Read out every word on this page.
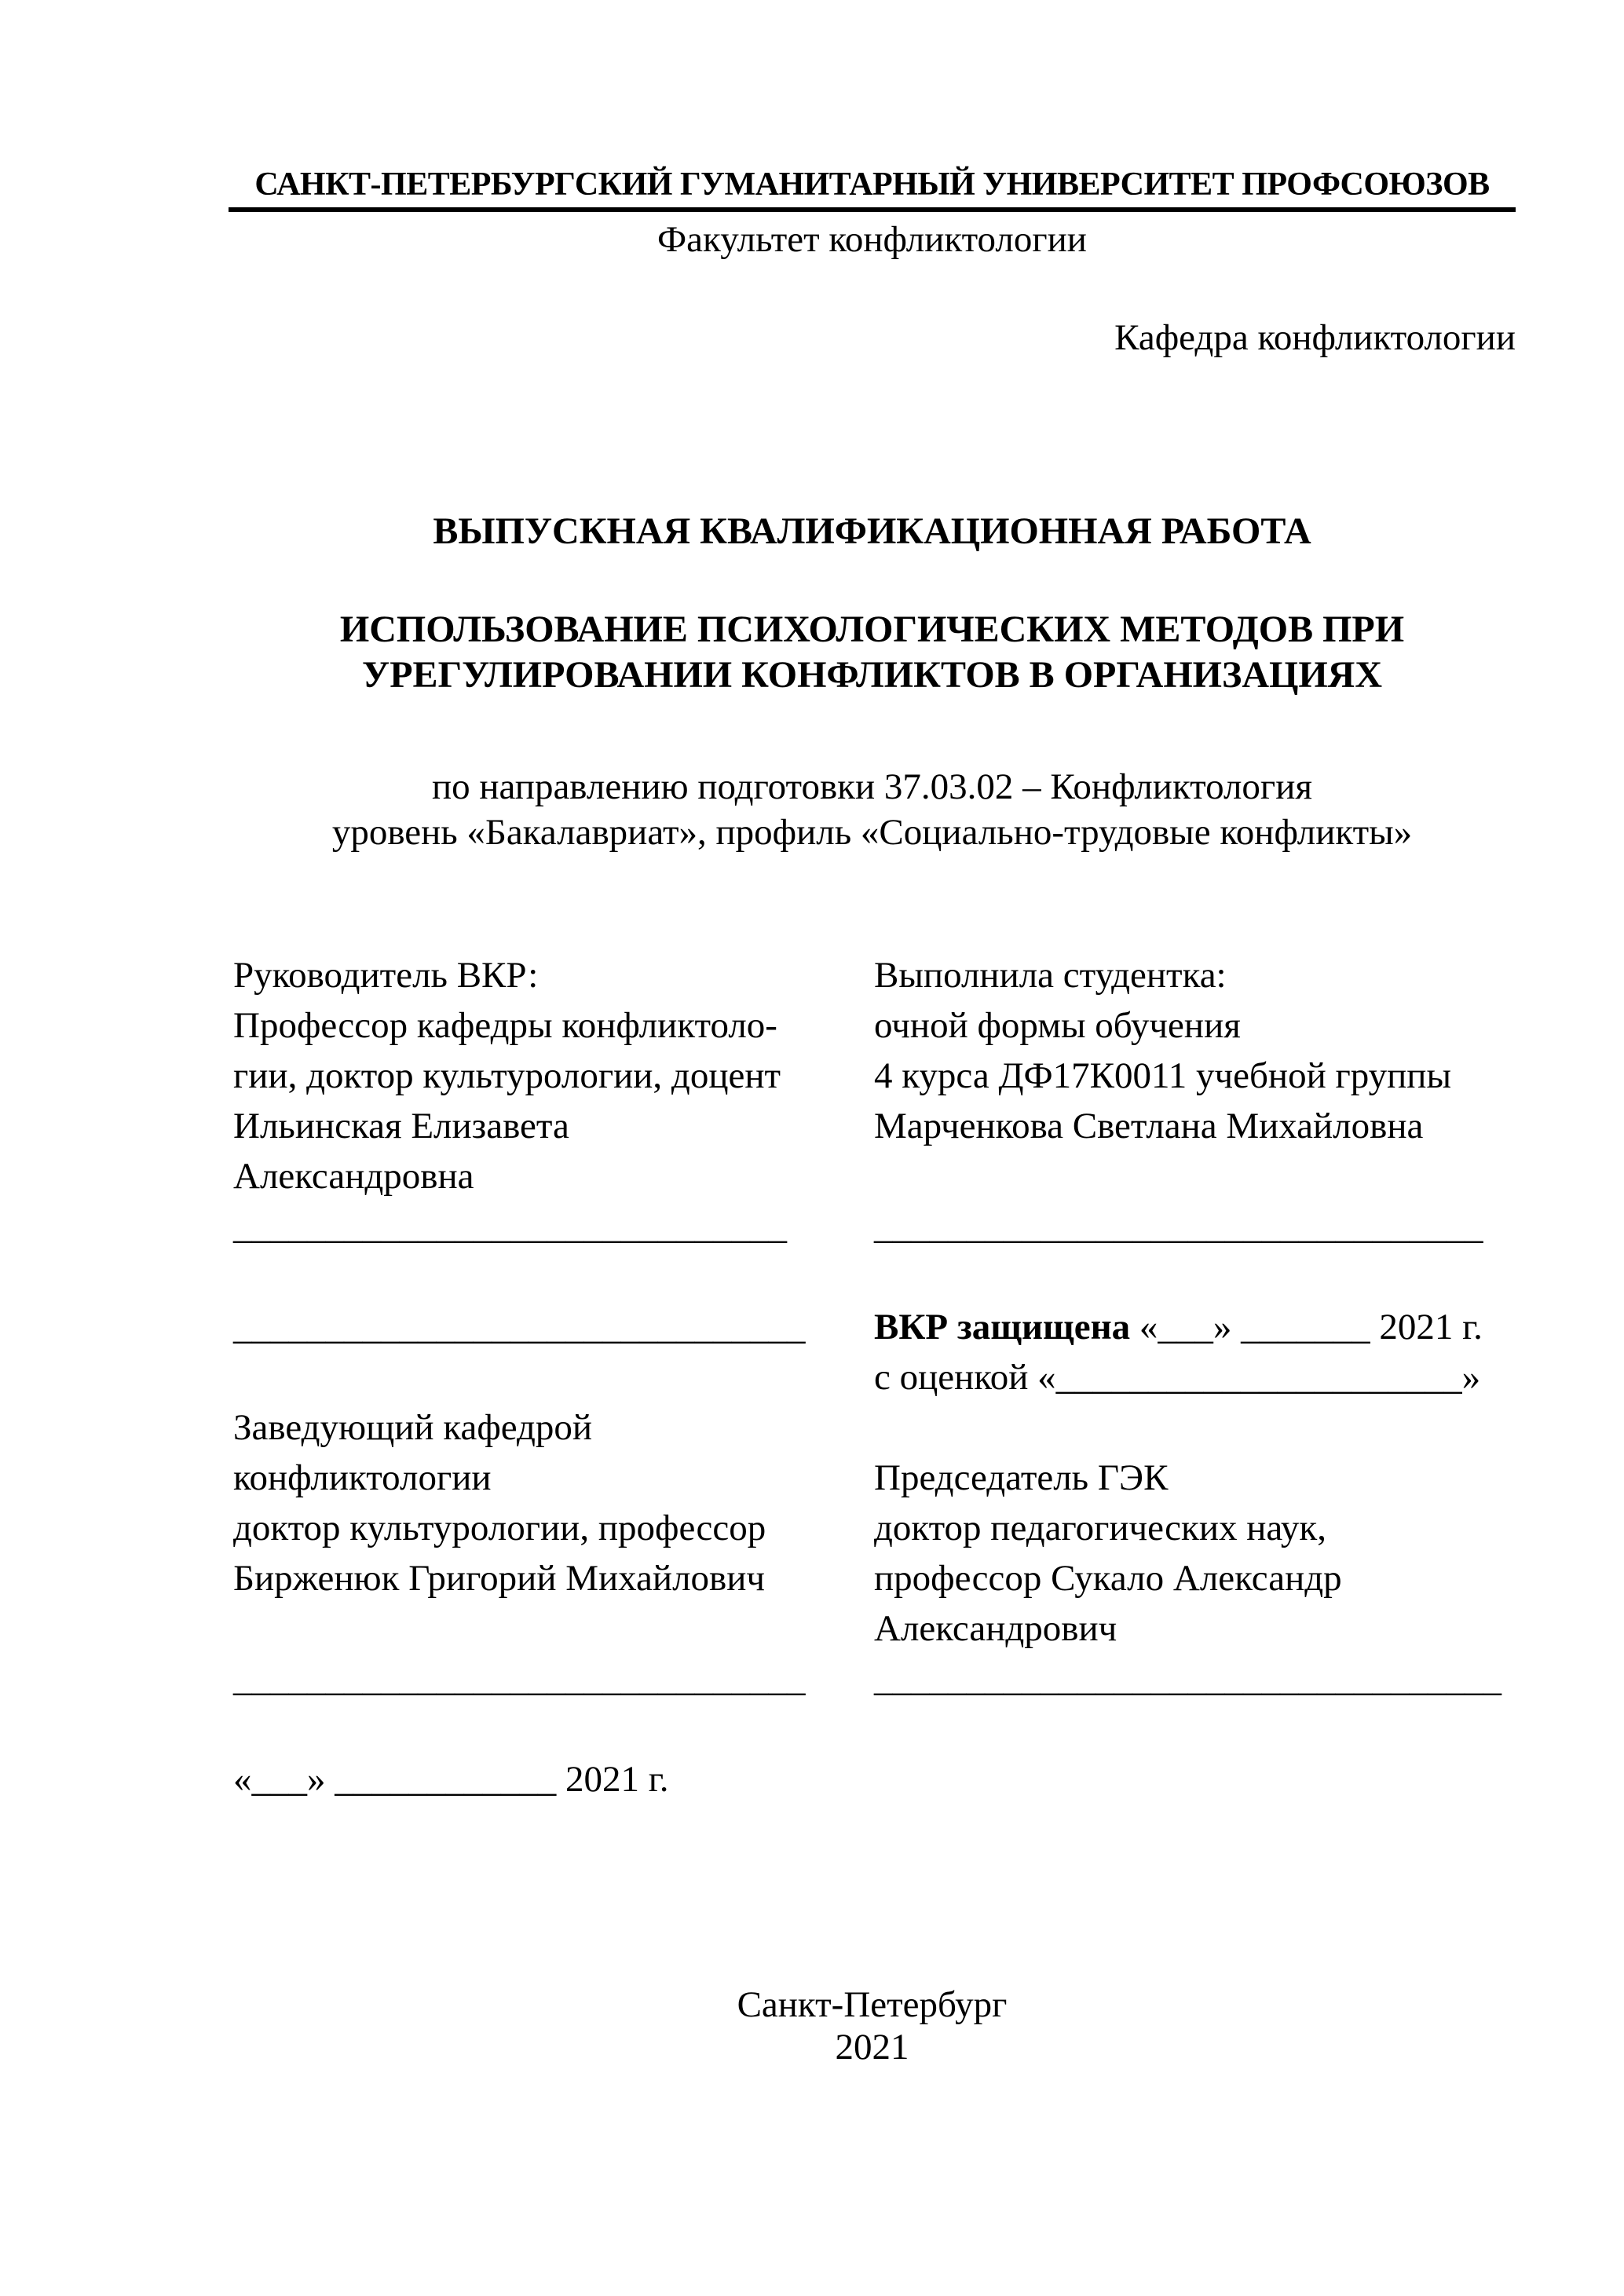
САНКТ-ПЕТЕРБУРГСКИЙ ГУМАНИТАРНЫЙ УНИВЕРСИТЕТ ПРОФСОЮЗОВ
Факультет конфликтологии
Кафедра конфликтологии
ВЫПУСКНАЯ КВАЛИФИКАЦИОННАЯ РАБОТА
ИСПОЛЬЗОВАНИЕ ПСИХОЛОГИЧЕСКИХ МЕТОДОВ ПРИ
УРЕГУЛИРОВАНИИ КОНФЛИКТОВ В ОРГАНИЗАЦИЯХ
по направлению подготовки 37.03.02 – Конфликтология
уровень «Бакалавриат», профиль «Социально-трудовые конфликты»
Руководитель ВКР:
Профессор кафедры конфликтоло-
гии, доктор культурологии, доцент
Ильинская Елизавета
Александровна
______________________________
_______________________________
Заведующий кафедрой
конфликтологии
доктор культурологии, профессор
Бирженюк Григорий Михайлович
_______________________________
«___» ____________ 2021 г.
Выполнила студентка:
очной формы обучения
4 курса ДФ17К0011 учебной группы
Марченкова Светлана Михайловна
_________________________________
ВКР защищена «___» _______ 2021 г.
с оценкой «______________________»
Председатель ГЭК
доктор педагогических наук,
профессор Сукало Александр
Александрович
__________________________________
Санкт-Петербург
2021
